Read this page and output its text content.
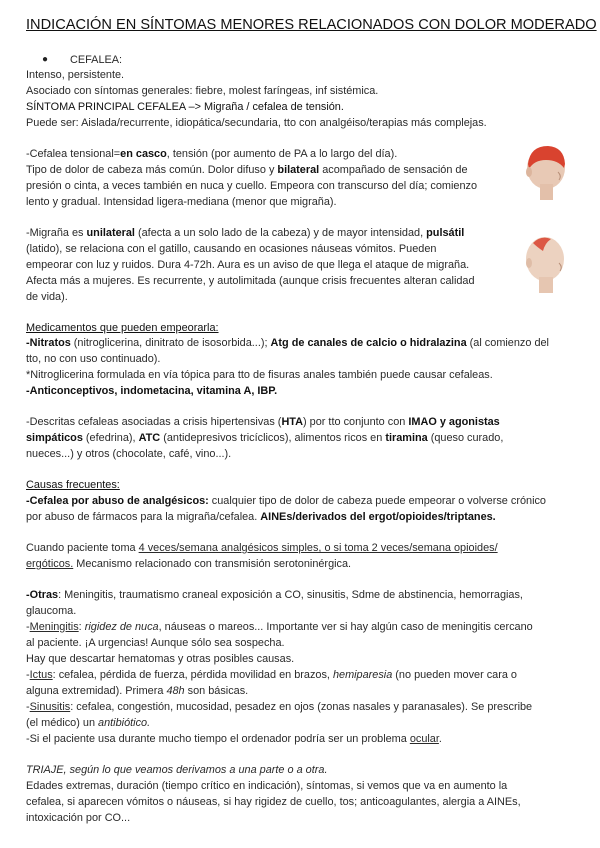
INDICACIÓN EN SÍNTOMAS MENORES RELACIONADOS CON DOLOR MODERADO
● CEFALEA:
Intenso, persistente.
Asociado con síntomas generales: fiebre, molest faríngeas, inf sistémica.
SÍNTOMA PRINCIPAL CEFALEA –> Migraña / cefalea de tensión.
Puede ser: Aislada/recurrente, idiopática/secundaria, tto con analgéiso/terapias más complejas.
-Cefalea tensional=en casco, tensión (por aumento de PA a lo largo del día).
Tipo de dolor de cabeza más común. Dolor difuso y bilateral acompañado de sensación de
presión o cinta, a veces también en nuca y cuello. Empeora con transcurso del día; comienzo
lento y gradual. Intensidad ligera-mediana (menor que migraña).
-Migraña es unilateral (afecta a un solo lado de la cabeza) y de mayor intensidad, pulsátil
(latido), se relaciona con el gatillo, causando en ocasiones náuseas vómitos. Pueden
empeorar con luz y ruidos. Dura 4-72h. Aura es un aviso de que llega el ataque de migraña.
Afecta más a mujeres. Es recurrente, y autolimitada (aunque crisis frecuentes alteran calidad
de vida).
Medicamentos que pueden empeorarla:
-Nitratos (nitroglicerina, dinitrato de isosorbida...); Atg de canales de calcio o hidralazina (al comienzo del
tto, no con uso continuado).
*Nitroglicerina formulada en vía tópica para tto de fisuras anales también puede causar cefaleas.
-Anticonceptivos, indometacina, vitamina A, IBP.
-Descritas cefaleas asociadas a crisis hipertensivas (HTA) por tto conjunto con IMAO y agonistas
simpáticos (efedrina), ATC (antidepresivos tricíclicos), alimentos ricos en tiramina (queso curado,
nueces...) y otros (chocolate, café, vino...).
Causas frecuentes:
-Cefalea por abuso de analgésicos: cualquier tipo de dolor de cabeza puede empeorar o volverse crónico
por abuso de fármacos para la migraña/cefalea. AINEs/derivados del ergot/opioides/triptanes.
Cuando paciente toma 4 veces/semana analgésicos simples, o si toma 2 veces/semana opioides/
ergóticos. Mecanismo relacionado con transmisión serotoninérgica.
-Otras: Meningitis, traumatismo craneal exposición a CO, sinusitis, Sdme de abstinencia, hemorragias,
glaucoma.
-Meningitis: rigidez de nuca, náuseas o mareos... Importante ver si hay algún caso de meningitis cercano
al paciente. ¡A urgencias! Aunque sólo sea sospecha.
Hay que descartar hematomas y otras posibles causas.
-Ictus: cefalea, pérdida de fuerza, pérdida movilidad en brazos, hemiparesia (no pueden mover cara o
alguna extremidad). Primera 48h son básicas.
-Sinusitis: cefalea, congestión, mucosidad, pesadez en ojos (zonas nasales y paranasales). Se prescribe
(el médico) un antibiótico.
-Si el paciente usa durante mucho tiempo el ordenador podría ser un problema ocular.
TRIAJE, según lo que veamos derivamos a una parte o a otra.
Edades extremas, duración (tiempo crítico en indicación), síntomas, si vemos que va en aumento la
cefalea, si aparecen vómitos o náuseas, si hay rigidez de cuello, tos; anticoagulantes, alergia a AINEs,
intoxicación por CO...
